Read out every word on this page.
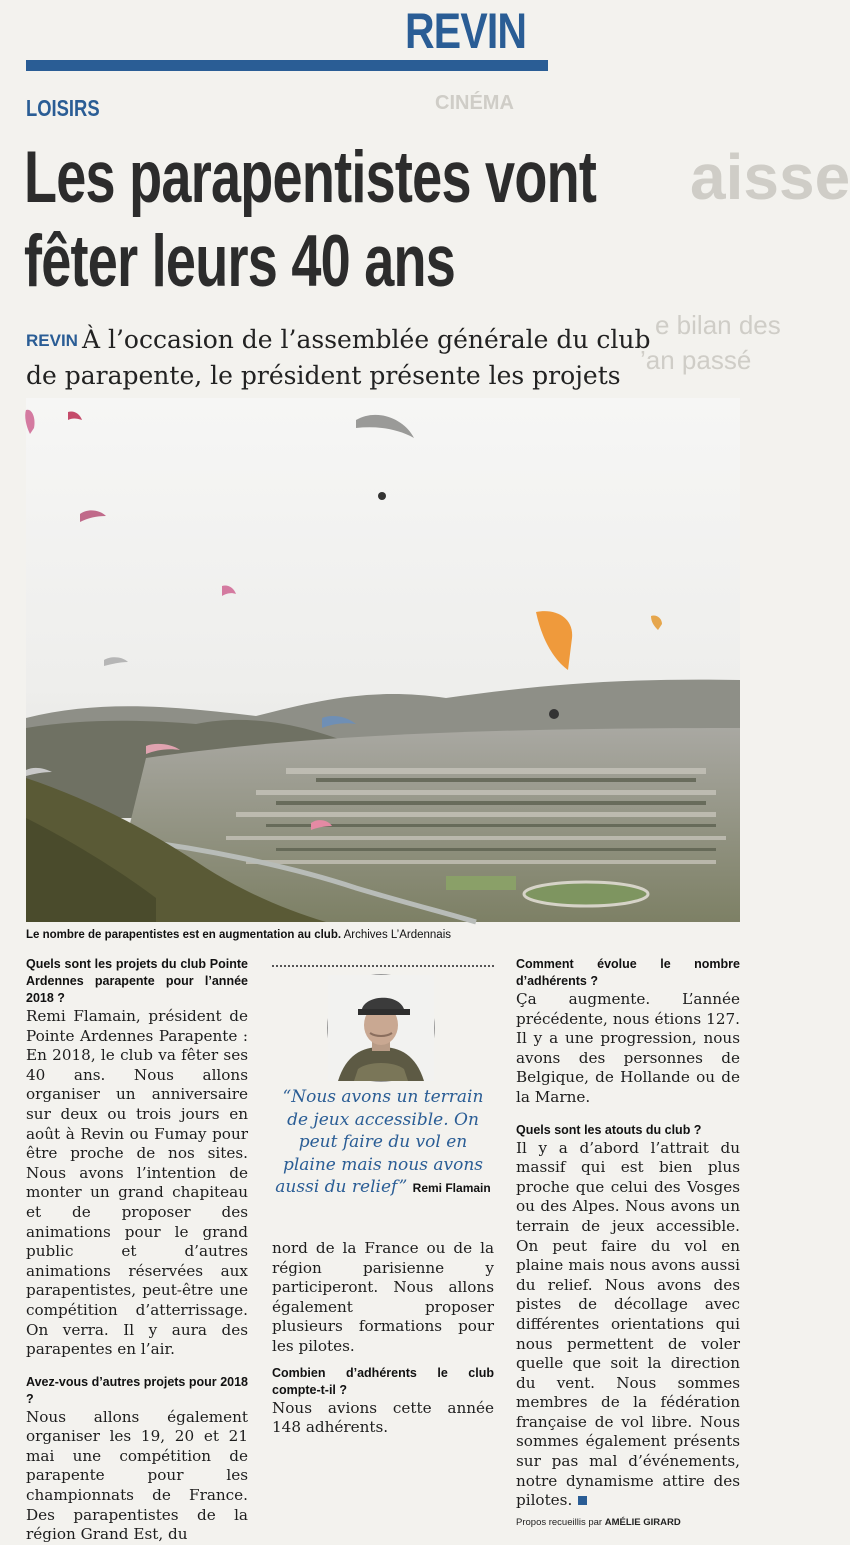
CINÉMA
aisse
e bilan des
’an passé
REVIN
LOISIRS
Les parapentistes vont
fêter leurs 40 ans
REVIN À l’occasion de l’assemblée générale du club de parapente, le président présente les projets
Le nombre de parapentistes est en augmentation au club. Archives L’Ardennais

Quels sont les projets du club Pointe Ardennes parapente pour l’année 2018 ?

Remi Flamain, président de Pointe Ardennes Parapente : En 2018, le club va fêter ses 40 ans. Nous allons organiser un anniversaire sur deux ou trois jours en août à Revin ou Fumay pour être proche de nos sites. Nous avons l’intention de monter un grand chapiteau et de proposer des animations pour le grand public et d’autres animations réservées aux parapentistes, peut-être une compétition d’atterrissage. On verra. Il y aura des parapentes en l’air.

Avez-vous d’autres projets pour 2018 ?

Nous allons également organiser les 19, 20 et 21 mai une compétition de parapente pour les championnats de France. Des parapentistes de la région Grand Est, du

“Nous avons un terrain de jeux accessible. On peut faire du vol en plaine mais nous avons aussi du relief” Remi Flamain

nord de la France ou de la région parisienne y participeront. Nous allons également proposer plusieurs formations pour les pilotes.

Combien d’adhérents le club compte-t-il ?

Nous avions cette année 148 adhérents.

Comment évolue le nombre d’adhérents ?

Ça augmente. L’année précédente, nous étions 127. Il y a une progression, nous avons des personnes de Belgique, de Hollande ou de la Marne.

Quels sont les atouts du club ?

Il y a d’abord l’attrait du massif qui est bien plus proche que celui des Vosges ou des Alpes. Nous avons un terrain de jeux accessible. On peut faire du vol en plaine mais nous avons aussi du relief. Nous avons des pistes de décollage avec différentes orientations qui nous permettent de voler quelle que soit la direction du vent. Nous sommes membres de la fédération française de vol libre. Nous sommes également présents sur pas mal d’événements, notre dynamisme attire des pilotes.

Propos recueillis par AMÉLIE GIRARD
